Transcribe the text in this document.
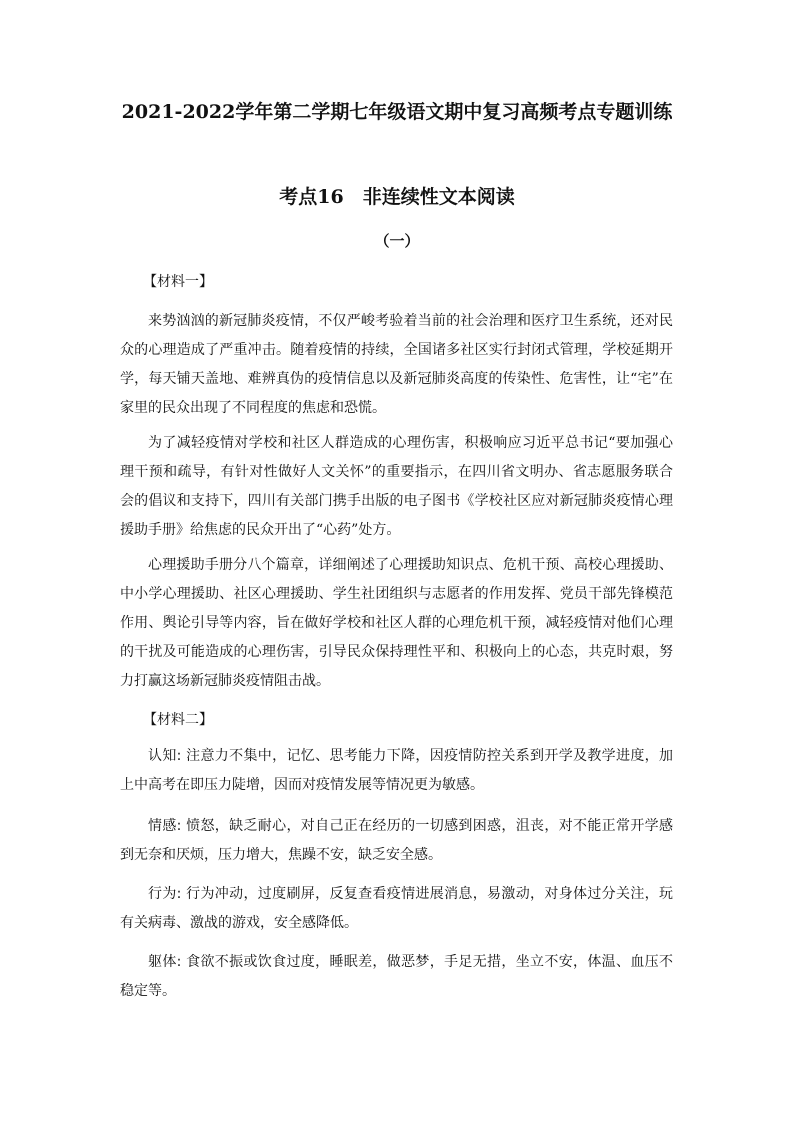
2021-2022学年第二学期七年级语文期中复习高频考点专题训练
考点16　非连续性文本阅读
（一）
【材料一】

来势汹汹的新冠肺炎疫情，不仅严峻考验着当前的社会治理和医疗卫生系统，还对民众的心理造成了严重冲击。随着疫情的持续，全国诸多社区实行封闭式管理，学校延期开学，每天铺天盖地、难辨真伪的疫情信息以及新冠肺炎高度的传染性、危害性，让“宅”在家里的民众出现了不同程度的焦虑和恐慌。

为了减轻疫情对学校和社区人群造成的心理伤害，积极响应习近平总书记“要加强心理干预和疏导，有针对性做好人文关怀”的重要指示，在四川省文明办、省志愿服务联合会的倡议和支持下，四川有关部门携手出版的电子图书《学校社区应对新冠肺炎疫情心理援助手册》给焦虑的民众开出了“心药”处方。

心理援助手册分八个篇章，详细阐述了心理援助知识点、危机干预、高校心理援助、中小学心理援助、社区心理援助、学生社团组织与志愿者的作用发挥、党员干部先锋模范作用、舆论引导等内容，旨在做好学校和社区人群的心理危机干预，减轻疫情对他们心理的干扰及可能造成的心理伤害，引导民众保持理性平和、积极向上的心态，共克时艰，努力打赢这场新冠肺炎疫情阻击战。

【材料二】

认知: 注意力不集中，记忆、思考能力下降，因疫情防控关系到开学及教学进度，加上中高考在即压力陡增，因而对疫情发展等情况更为敏感。

情感: 愤怒，缺乏耐心，对自己正在经历的一切感到困惑，沮丧，对不能正常开学感到无奈和厌烦，压力增大，焦躁不安，缺乏安全感。

行为: 行为冲动，过度刷屏，反复查看疫情进展消息，易激动，对身体过分关注，玩有关病毒、激战的游戏，安全感降低。

躯体: 食欲不振或饮食过度，睡眠差，做恶梦，手足无措，坐立不安，体温、血压不稳定等。
